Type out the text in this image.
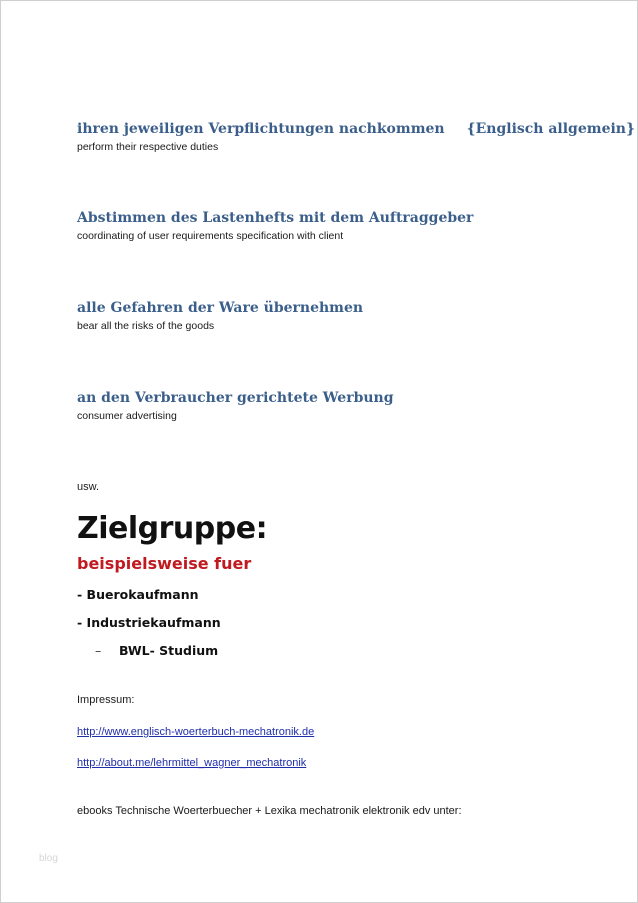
ihren jeweiligen Verpflichtungen nachkommen {Englisch allgemein}
perform their respective duties
Abstimmen des Lastenhefts mit dem Auftraggeber
coordinating of user requirements specification with client
alle Gefahren der Ware übernehmen
bear all the risks of the goods
an den Verbraucher gerichtete Werbung
consumer advertising
usw.
Zielgruppe:
beispielsweise fuer
- Buerokaufmann
- Industriekaufmann
– BWL- Studium
Impressum:
http://www.englisch-woerterbuch-mechatronik.de
http://about.me/lehrmittel_wagner_mechatronik
ebooks Technische Woerterbuecher + Lexika mechatronik elektronik edv unter:
blog
